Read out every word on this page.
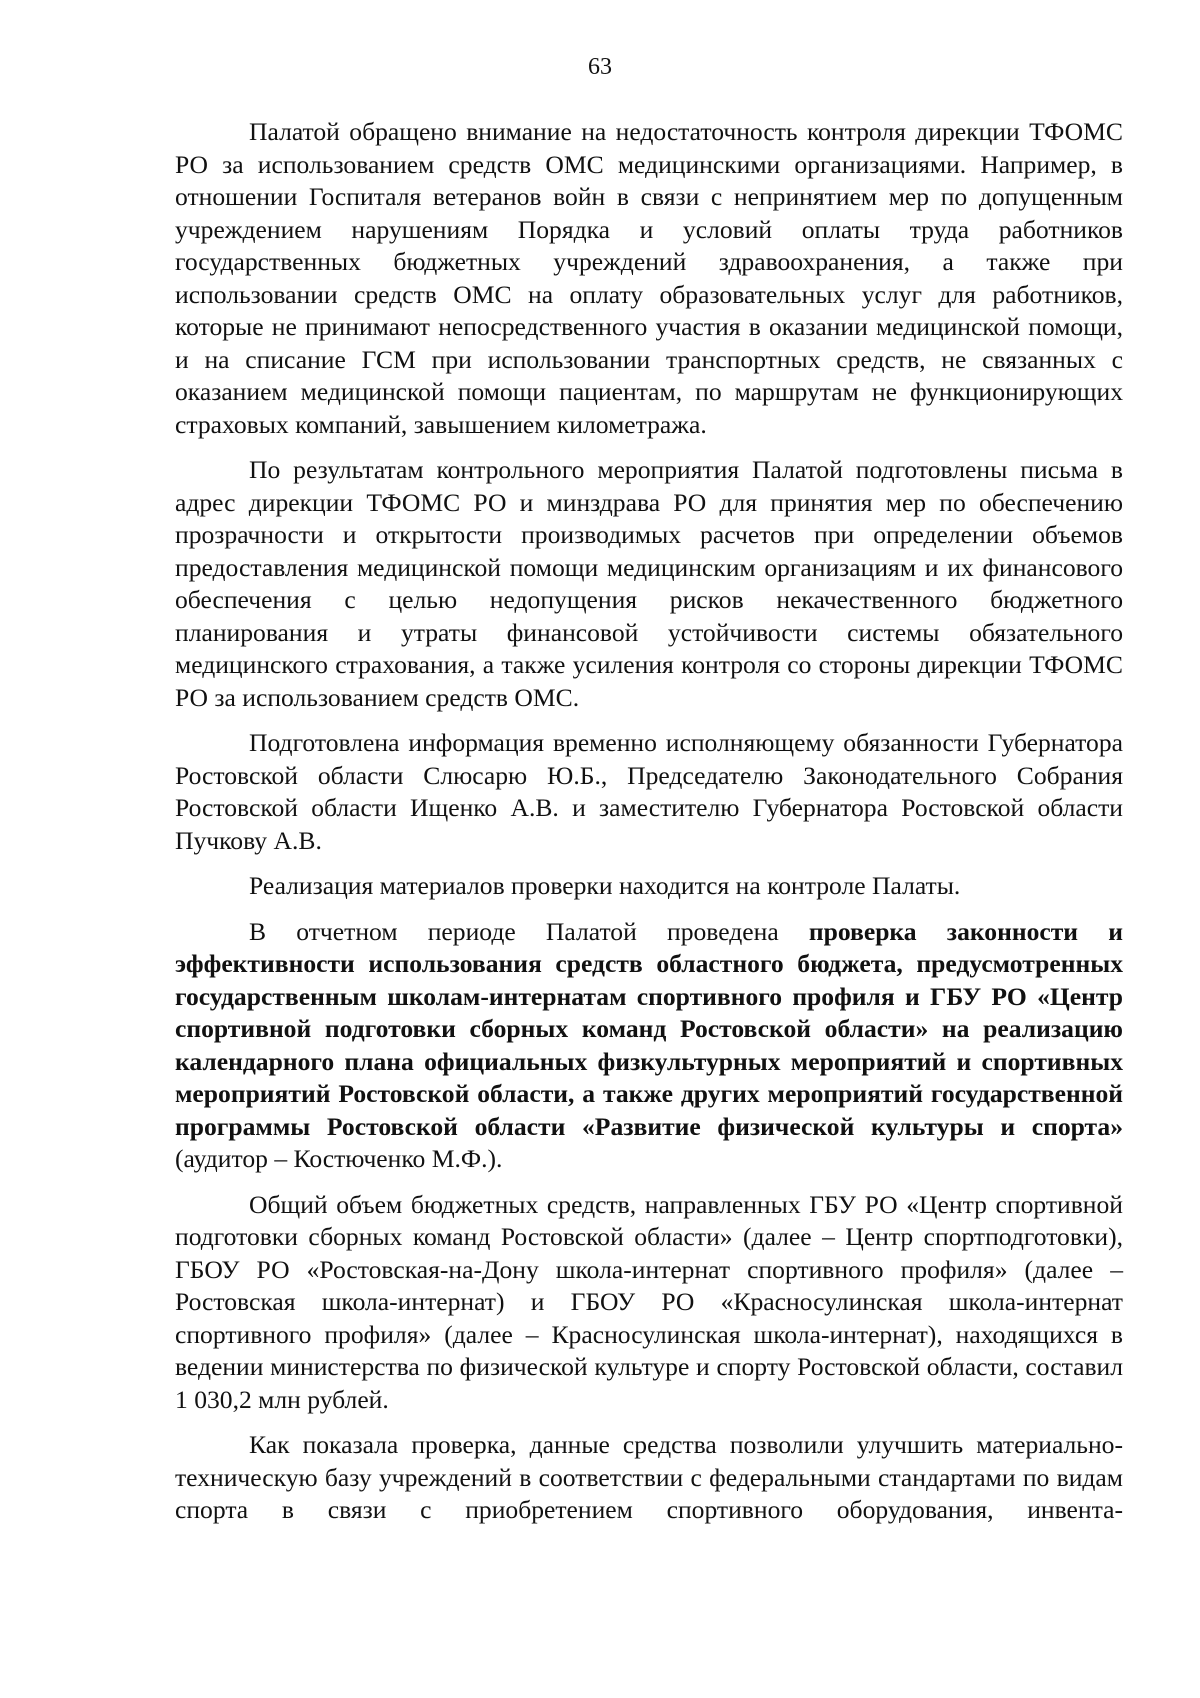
63

Палатой обращено внимание на недостаточность контроля дирекции ТФОМС РО за использованием средств ОМС медицинскими организациями. Например, в отношении Госпиталя ветеранов войн в связи с непринятием мер по допущенным учреждением нарушениям Порядка и условий оплаты труда работников государственных бюджетных учреждений здравоохранения, а также при использовании средств ОМС на оплату образовательных услуг для работников, которые не принимают непосредственного участия в оказании медицинской помощи, и на списание ГСМ при использовании транспортных средств, не связанных с оказанием медицинской помощи пациентам, по маршрутам не функционирующих страховых компаний, завышением километража.

По результатам контрольного мероприятия Палатой подготовлены письма в адрес дирекции ТФОМС РО и минздрава РО для принятия мер по обеспечению прозрачности и открытости производимых расчетов при определении объемов предоставления медицинской помощи медицинским организациям и их финансового обеспечения с целью недопущения рисков некачественного бюджетного планирования и утраты финансовой устойчивости системы обязательного медицинского страхования, а также усиления контроля со стороны дирекции ТФОМС РО за использованием средств ОМС.

Подготовлена информация временно исполняющему обязанности Губернатора Ростовской области Слюсарю Ю.Б., Председателю Законодательного Собрания Ростовской области Ищенко А.В. и заместителю Губернатора Ростовской области Пучкову А.В.

Реализация материалов проверки находится на контроле Палаты.

В отчетном периоде Палатой проведена проверка законности и эффективности использования средств областного бюджета, предусмотренных государственным школам-интернатам спортивного профиля и ГБУ РО «Центр спортивной подготовки сборных команд Ростовской области» на реализацию календарного плана официальных физкультурных мероприятий и спортивных мероприятий Ростовской области, а также других мероприятий государственной программы Ростовской области «Развитие физической культуры и спорта» (аудитор – Костюченко М.Ф.).

Общий объем бюджетных средств, направленных ГБУ РО «Центр спортивной подготовки сборных команд Ростовской области» (далее – Центр спортподготовки), ГБОУ РО «Ростовская-на-Дону школа-интернат спортивного профиля» (далее – Ростовская школа-интернат) и ГБОУ РО «Красносулинская школа-интернат спортивного профиля» (далее – Красносулинская школа-интернат), находящихся в ведении министерства по физической культуре и спорту Ростовской области, составил 1 030,2 млн рублей.

Как показала проверка, данные средства позволили улучшить материально-техническую базу учреждений в соответствии с федеральными стандартами по видам спорта в связи с приобретением спортивного оборудования, инвента-
